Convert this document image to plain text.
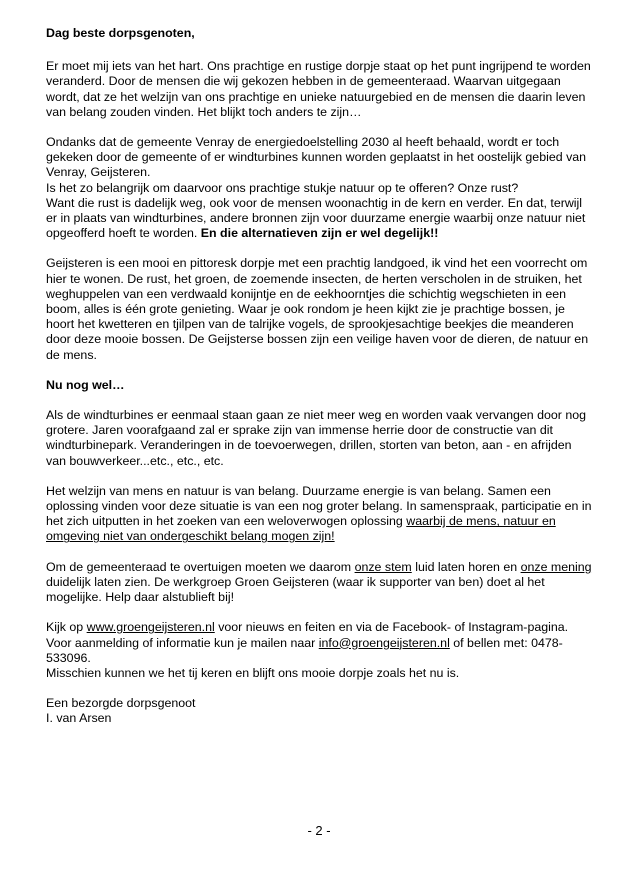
Dag beste dorpsgenoten,

Er moet mij iets van het hart. Ons prachtige en rustige dorpje staat op het punt ingrijpend te worden veranderd. Door de mensen die wij gekozen hebben in de gemeenteraad. Waarvan uitgegaan wordt, dat ze het welzijn van ons prachtige en unieke natuurgebied en de mensen die daarin leven van belang zouden vinden. Het blijkt toch anders te zijn…

Ondanks dat de gemeente Venray de energiedoelstelling 2030 al heeft behaald, wordt er toch gekeken door de gemeente of er windturbines kunnen worden geplaatst in het oostelijk gebied van Venray, Geijsteren.
Is het zo belangrijk om daarvoor ons prachtige stukje natuur op te offeren? Onze rust?
Want die rust is dadelijk weg, ook voor de mensen woonachtig in de kern en verder. En dat, terwijl er in plaats van windturbines, andere bronnen zijn voor duurzame energie waarbij onze natuur niet opgeofferd hoeft te worden. En die alternatieven zijn er wel degelijk!!

Geijsteren is een mooi en pittoresk dorpje met een prachtig landgoed, ik vind het een voorrecht om hier te wonen. De rust, het groen, de zoemende insecten, de herten verscholen in de struiken, het weghuppelen van een verdwaald konijntje en de eekhoorntjes die schichtig wegschieten in een boom, alles is één grote genieting. Waar je ook rondom je heen kijkt zie je prachtige bossen, je hoort het kwetteren en tjilpen van de talrijke vogels, de sprookjesachtige beekjes die meanderen door deze mooie bossen. De Geijsterse bossen zijn een veilige haven voor de dieren, de natuur en de mens.

Nu nog wel…

Als de windturbines er eenmaal staan gaan ze niet meer weg en worden vaak vervangen door nog grotere. Jaren voorafgaand zal er sprake zijn van immense herrie door de constructie van dit windturbinepark. Veranderingen in de toevoerwegen, drillen, storten van beton, aan - en afrijden van bouwverkeer...etc., etc., etc.

Het welzijn van mens en natuur is van belang. Duurzame energie is van belang. Samen een oplossing vinden voor deze situatie is van een nog groter belang. In samenspraak, participatie en in het zich uitputten in het zoeken van een weloverwogen oplossing waarbij de mens, natuur en omgeving niet van ondergeschikt belang mogen zijn!

Om de gemeenteraad te overtuigen moeten we daarom onze stem luid laten horen en onze mening duidelijk laten zien. De werkgroep Groen Geijsteren (waar ik supporter van ben) doet al het mogelijke. Help daar alstublieft bij!

Kijk op www.groengeijsteren.nl voor nieuws en feiten en via de Facebook- of Instagram-pagina. Voor aanmelding of informatie kun je mailen naar info@groengeijsteren.nl of bellen met: 0478-533096.
Misschien kunnen we het tij keren en blijft ons mooie dorpje zoals het nu is.

Een bezorgde dorpsgenoot
I. van Arsen

- 2 -
